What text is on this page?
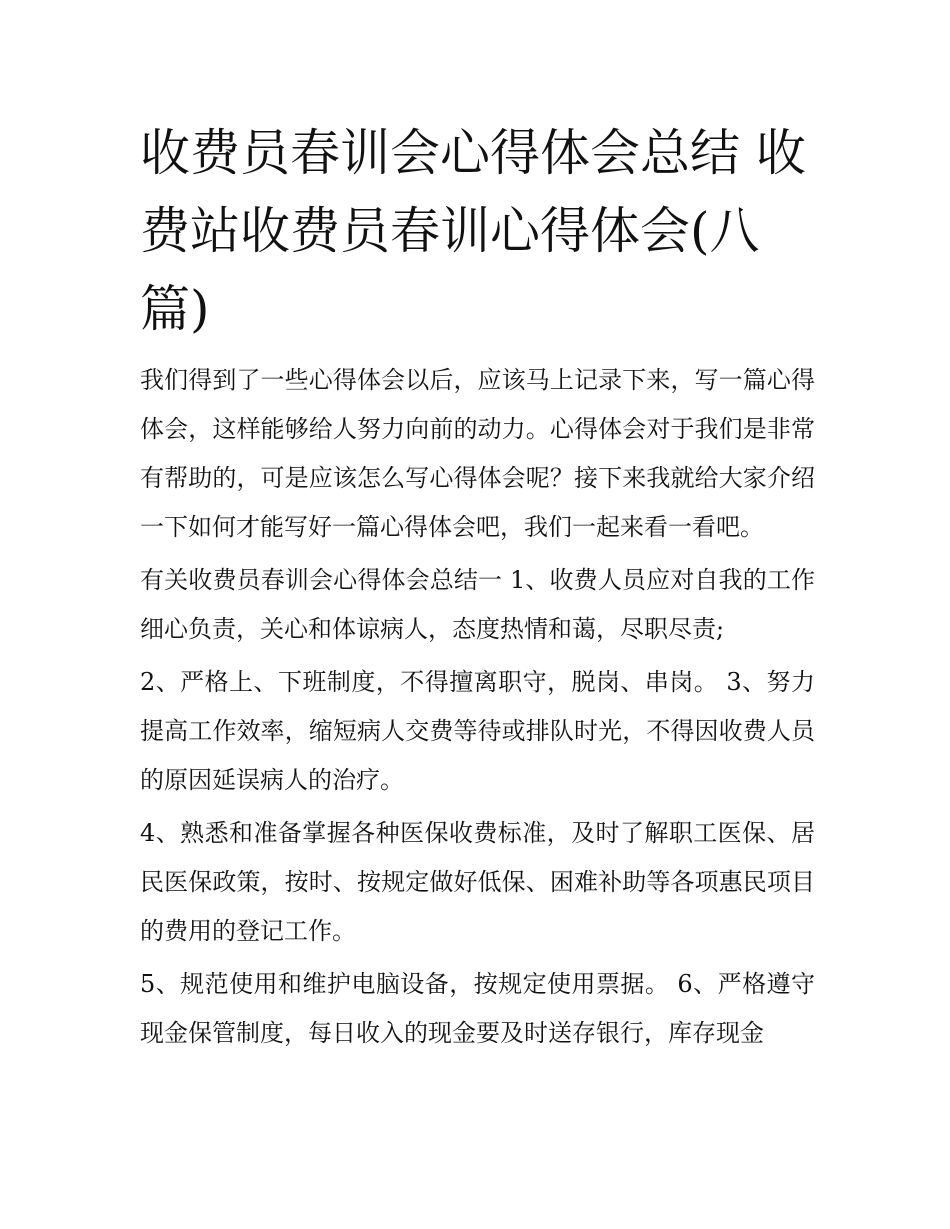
收费员春训会心得体会总结 收费站收费员春训心得体会(八篇)

我们得到了一些心得体会以后，应该马上记录下来，写一篇心得体会，这样能够给人努力向前的动力。心得体会对于我们是非常有帮助的，可是应该怎么写心得体会呢？接下来我就给大家介绍一下如何才能写好一篇心得体会吧，我们一起来看一看吧。

有关收费员春训会心得体会总结一 1、收费人员应对自我的工作细心负责，关心和体谅病人，态度热情和蔼，尽职尽责;

2、严格上、下班制度，不得擅离职守，脱岗、串岗。 3、努力提高工作效率，缩短病人交费等待或排队时光，不得因收费人员的原因延误病人的治疗。

4、熟悉和准备掌握各种医保收费标准，及时了解职工医保、居民医保政策，按时、按规定做好低保、困难补助等各项惠民项目的费用的登记工作。

5、规范使用和维护电脑设备，按规定使用票据。 6、严格遵守现金保管制度，每日收入的现金要及时送存银行，库存现金
